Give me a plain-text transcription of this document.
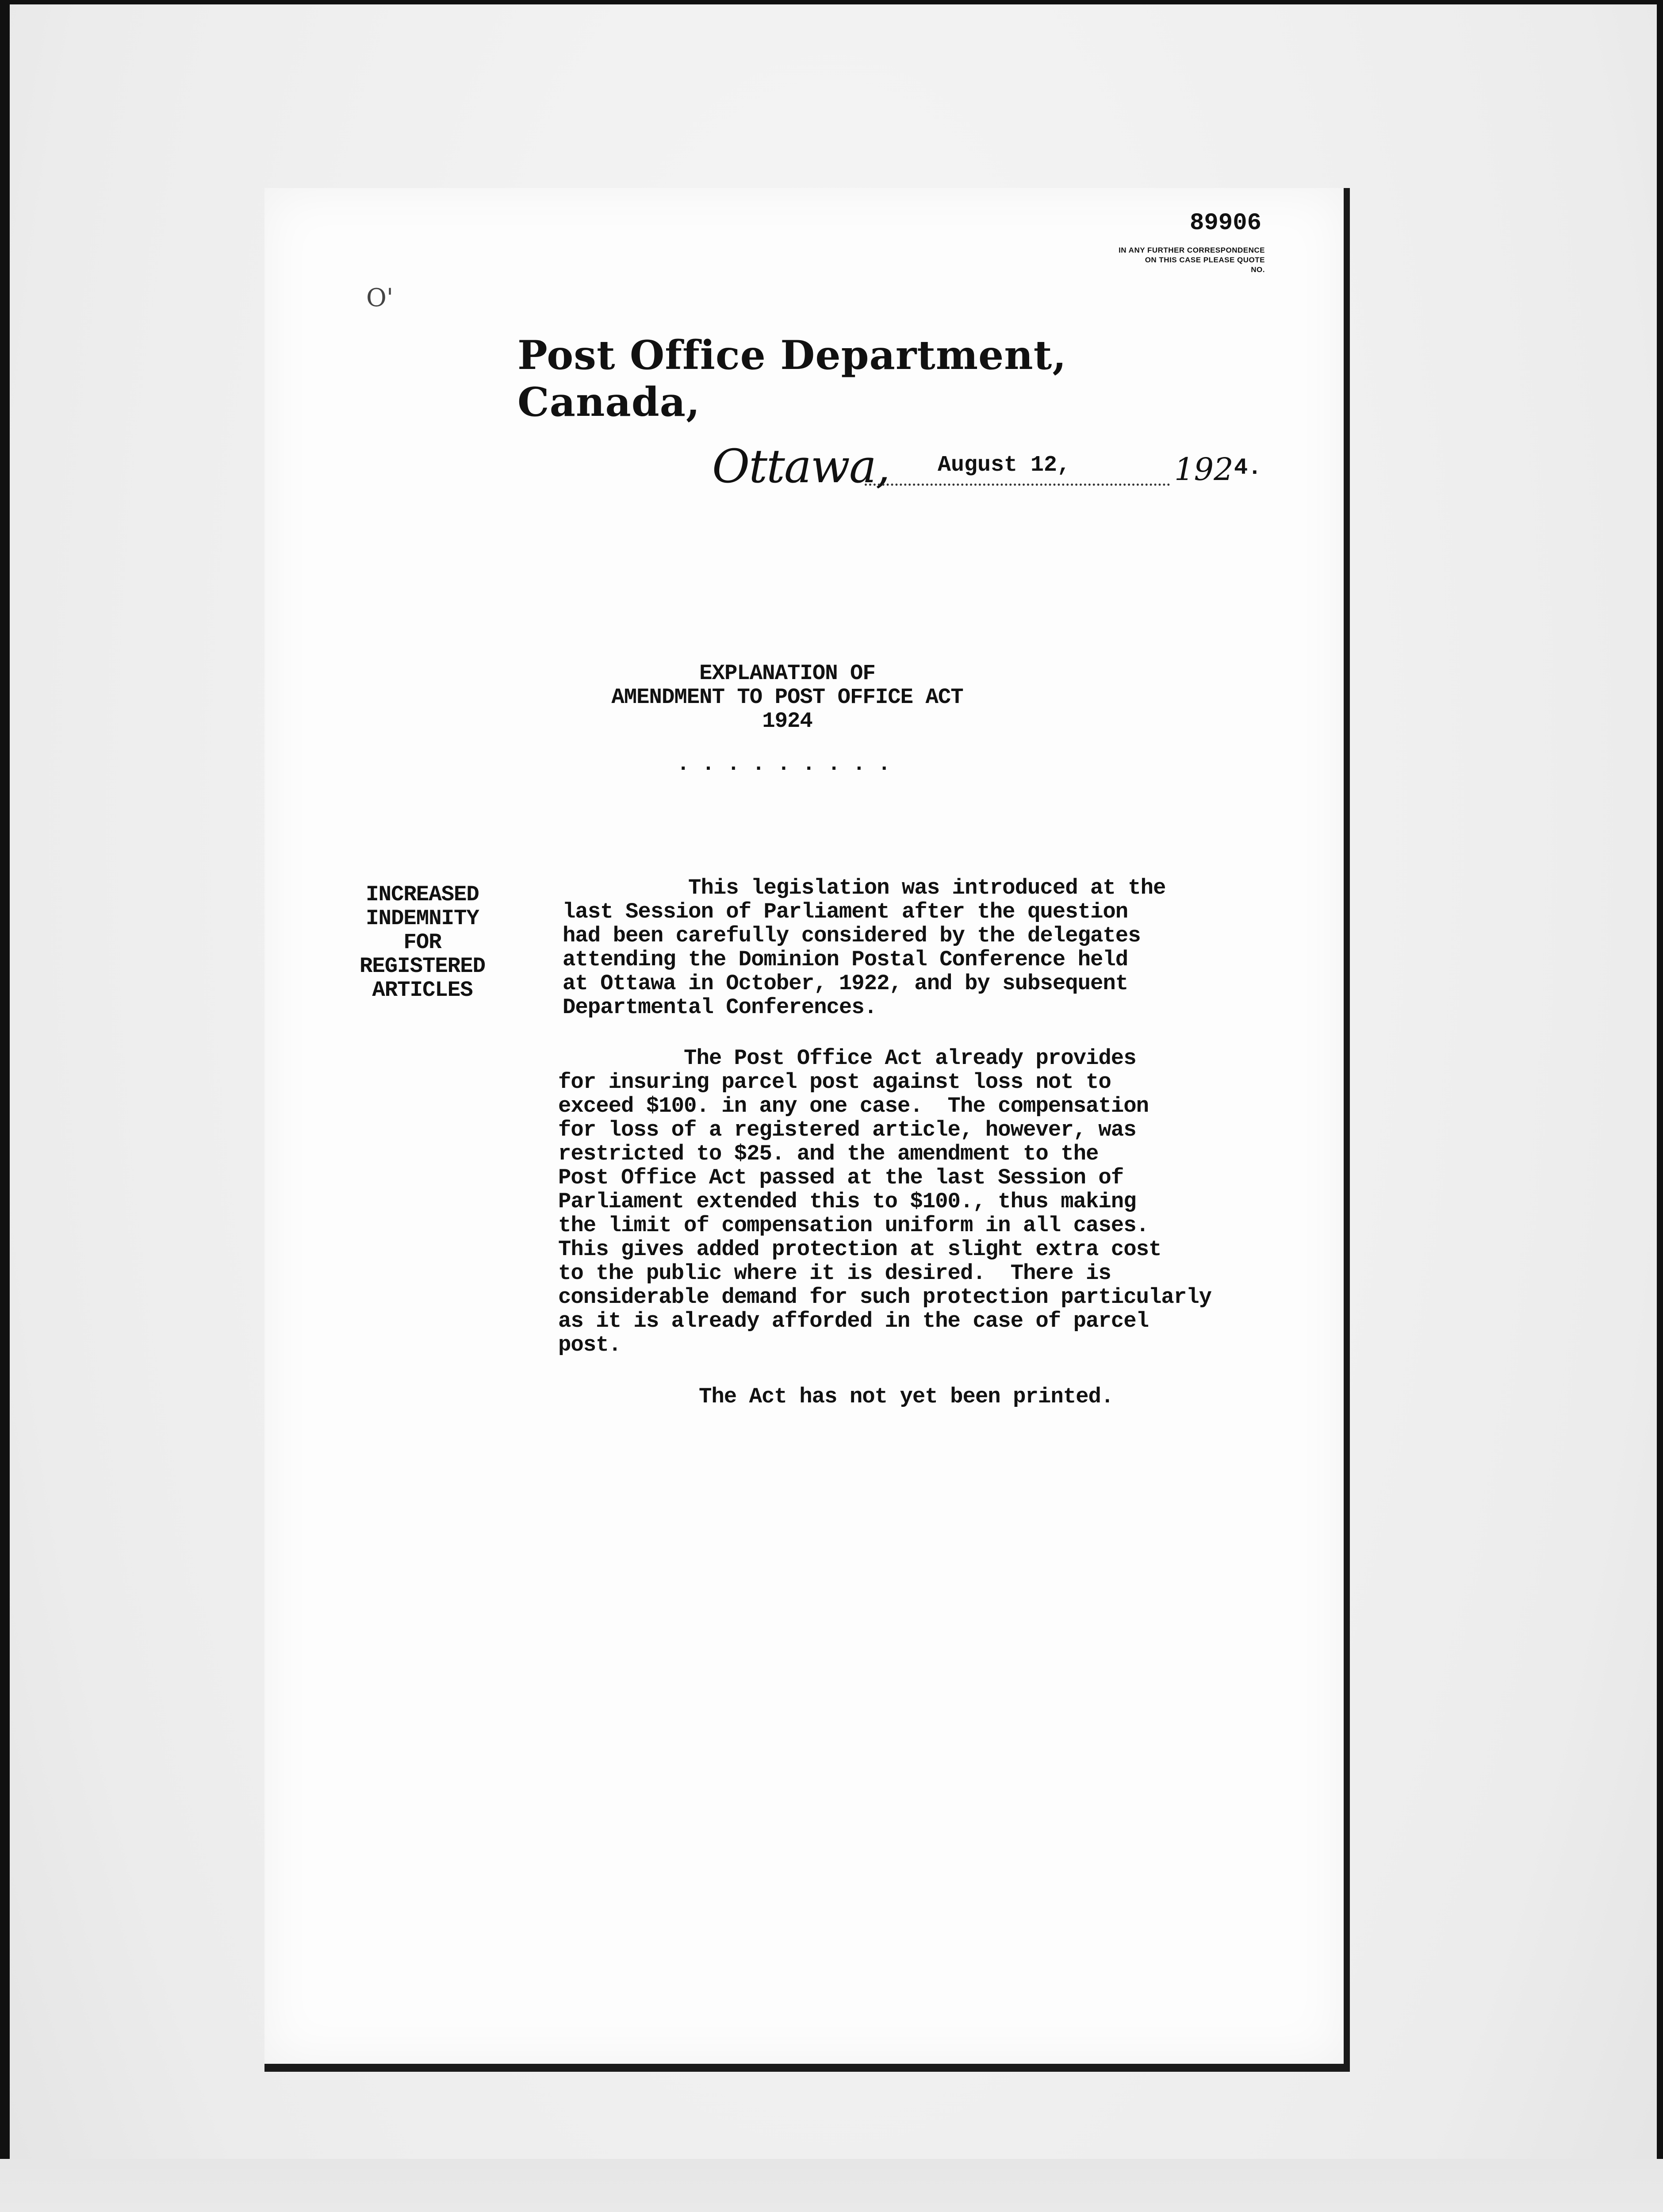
89906
IN ANY FURTHER CORRESPONDENCE
ON THIS CASE PLEASE QUOTE
NO.
O'
Post Office Department, Canada,
Ottawa, August 12,	192 4.
EXPLANATION OF
AMENDMENT TO POST OFFICE ACT
1924
. . . . . . . . .
INCREASED
INDEMNITY
FOR
REGISTERED
ARTICLES
This legislation was introduced at the
last Session of Parliament after the question
had been carefully considered by the delegates
attending the Dominion Postal Conference held
at Ottawa in October, 1922, and by subsequent
Departmental Conferences.
The Post Office Act already provides
for insuring parcel post against loss not to
exceed $100. in any one case.  The compensation
for loss of a registered article, however, was
restricted to $25. and the amendment to the
Post Office Act passed at the last Session of
Parliament extended this to $100., thus making
the limit of compensation uniform in all cases.
This gives added protection at slight extra cost
to the public where it is desired.  There is
considerable demand for such protection particularly
as it is already afforded in the case of parcel
post.
The Act has not yet been printed.
